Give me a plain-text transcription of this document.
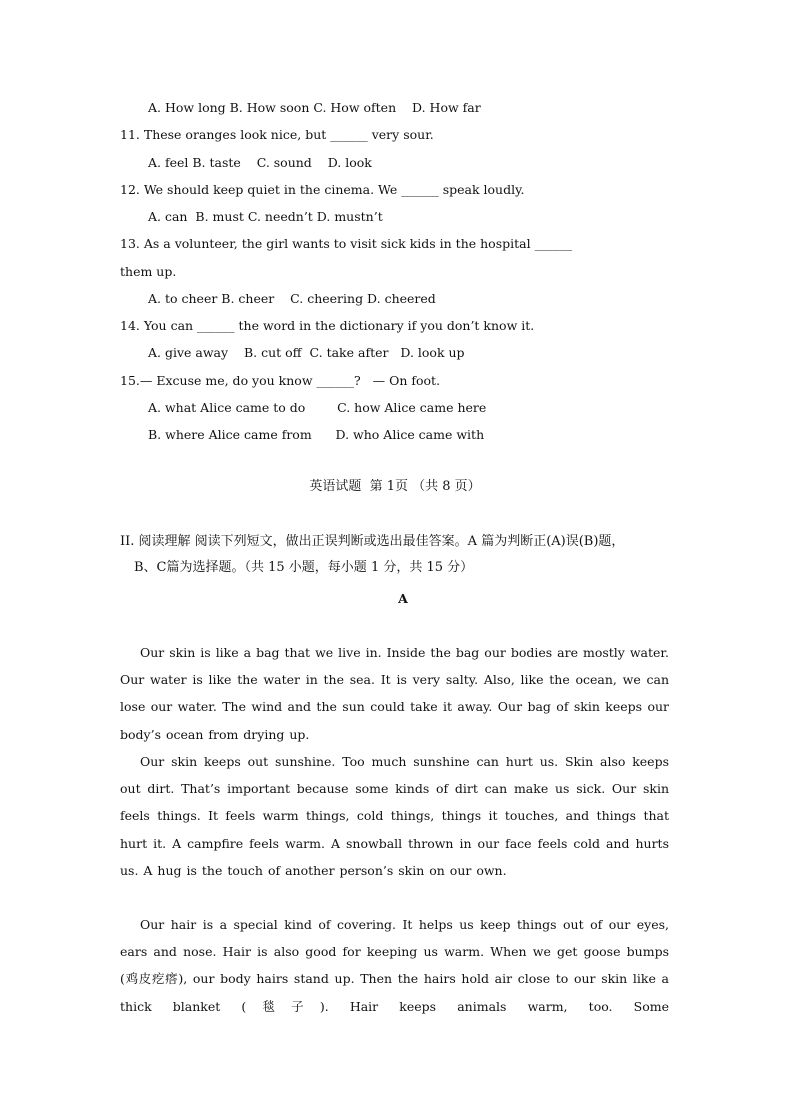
A. How long B. How soon C. How often    D. How far
11. These oranges look nice, but ______ very sour.
A. feel B. taste    C. sound    D. look
12. We should keep quiet in the cinema. We ______ speak loudly.
A. can  B. must C. needn’t D. mustn’t
13. As a volunteer, the girl wants to visit sick kids in the hospital ______
them up.
A. to cheer B. cheer    C. cheering D. cheered
14. You can ______ the word in the dictionary if you don’t know it.
A. give away    B. cut off  C. take after   D. look up
15.— Excuse me, do you know ______?   — On foot.
A. what Alice came to do        C. how Alice came here
B. where Alice came from      D. who Alice came with
英语试题  第 1页 （共 8 页）
II. 阅读理解 阅读下列短文，做出正误判断或选出最佳答案。A 篇为判断正(A)误(B)题，
B、C篇为选择题。（共 15 小题，每小题 1 分，共 15 分）
A
Our skin is like a bag that we live in. Inside the bag our bodies are mostly water. Our water is like the water in the sea. It is very salty. Also, like the ocean, we can lose our water. The wind and the sun could take it away. Our bag of skin keeps our body’s ocean from drying up.
Our skin keeps out sunshine. Too much sunshine can hurt us. Skin also keeps out dirt. That’s important because some kinds of dirt can make us sick. Our skin feels things. It feels warm things, cold things, things it touches, and things that hurt it. A campfire feels warm. A snowball thrown in our face feels cold and hurts us. A hug is the touch of another person’s skin on our own.
Our hair is a special kind of covering. It helps us keep things out of our eyes, ears and nose. Hair is also good for keeping us warm. When we get goose bumps (鸡皮疙瘩), our body hairs stand up. Then the hairs hold air close to our skin like a thick blanket (毯子). Hair keeps animals warm, too. Some
